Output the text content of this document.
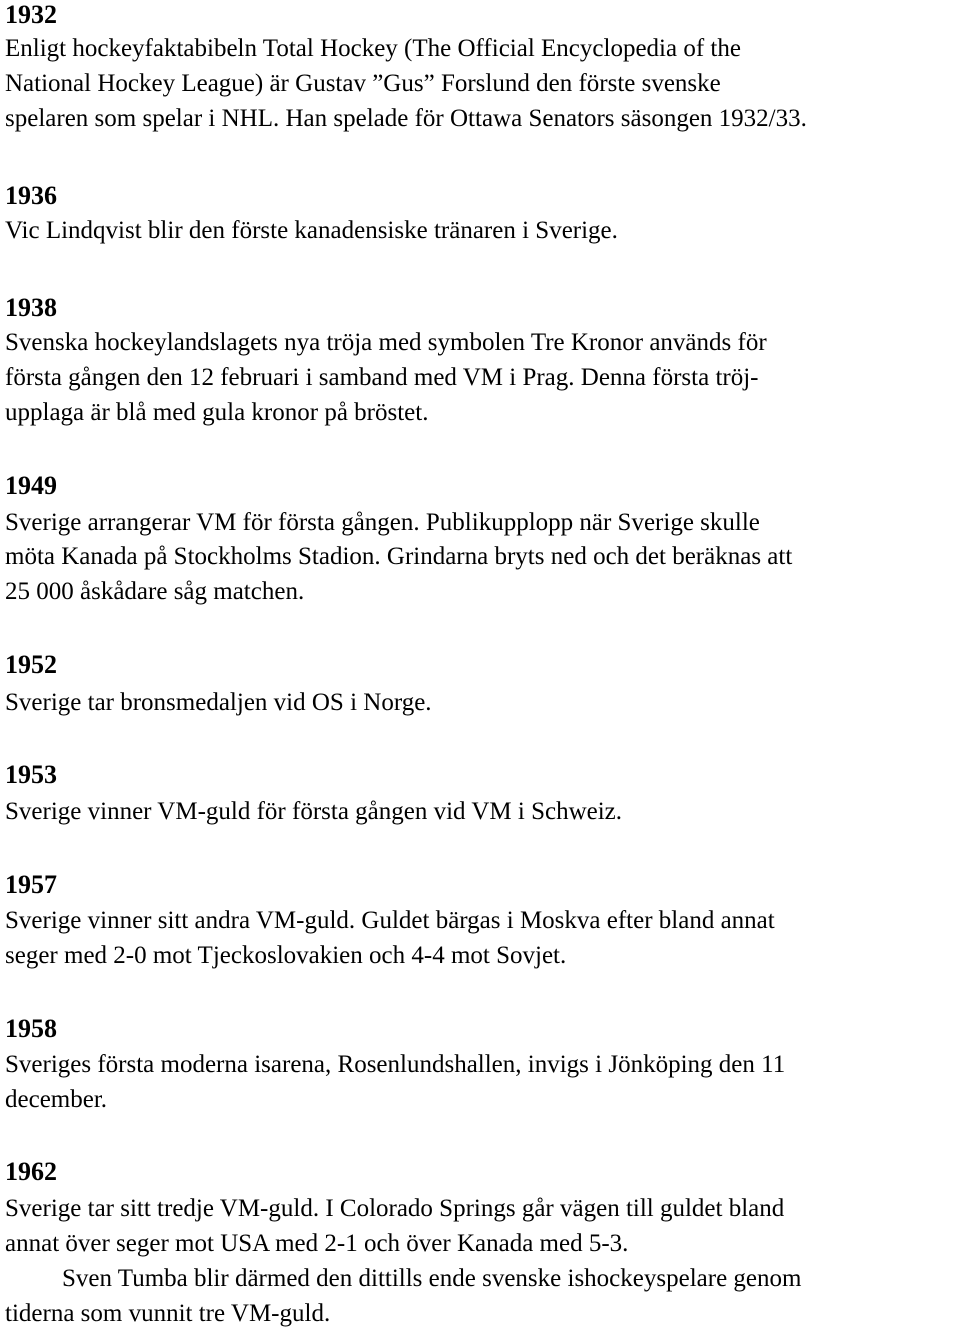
1932
Enligt hockeyfaktabibeln Total Hockey (The Official Encyclopedia of the
National Hockey League) är Gustav ”Gus” Forslund den förste svenske
spelaren som spelar i NHL. Han spelade för Ottawa Senators säsongen 1932/33.
1936
Vic Lindqvist blir den förste kanadensiske tränaren i Sverige.
1938
Svenska hockeylandslagets nya tröja med symbolen Tre Kronor används för
första gången den 12 februari i samband med VM i Prag. Denna första tröj-
upplaga är blå med gula kronor på bröstet.
1949
Sverige arrangerar VM för första gången. Publikupplopp när Sverige skulle
möta Kanada på Stockholms Stadion. Grindarna bryts ned och det beräknas att
25 000 åskådare såg matchen.
1952
Sverige tar bronsmedaljen vid OS i Norge.
1953
Sverige vinner VM-guld för första gången vid VM i Schweiz.
1957
Sverige vinner sitt andra VM-guld. Guldet bärgas i Moskva efter bland annat
seger med 2-0 mot Tjeckoslovakien och 4-4 mot Sovjet.
1958
Sveriges första moderna isarena, Rosenlundshallen, invigs i Jönköping den 11
december.
1962
Sverige tar sitt tredje VM-guld. I Colorado Springs går vägen till guldet bland
annat över seger mot USA med 2-1 och över Kanada med 5-3.
Sven Tumba blir därmed den dittills ende svenske ishockeyspelare genom
tiderna som vunnit tre VM-guld.
